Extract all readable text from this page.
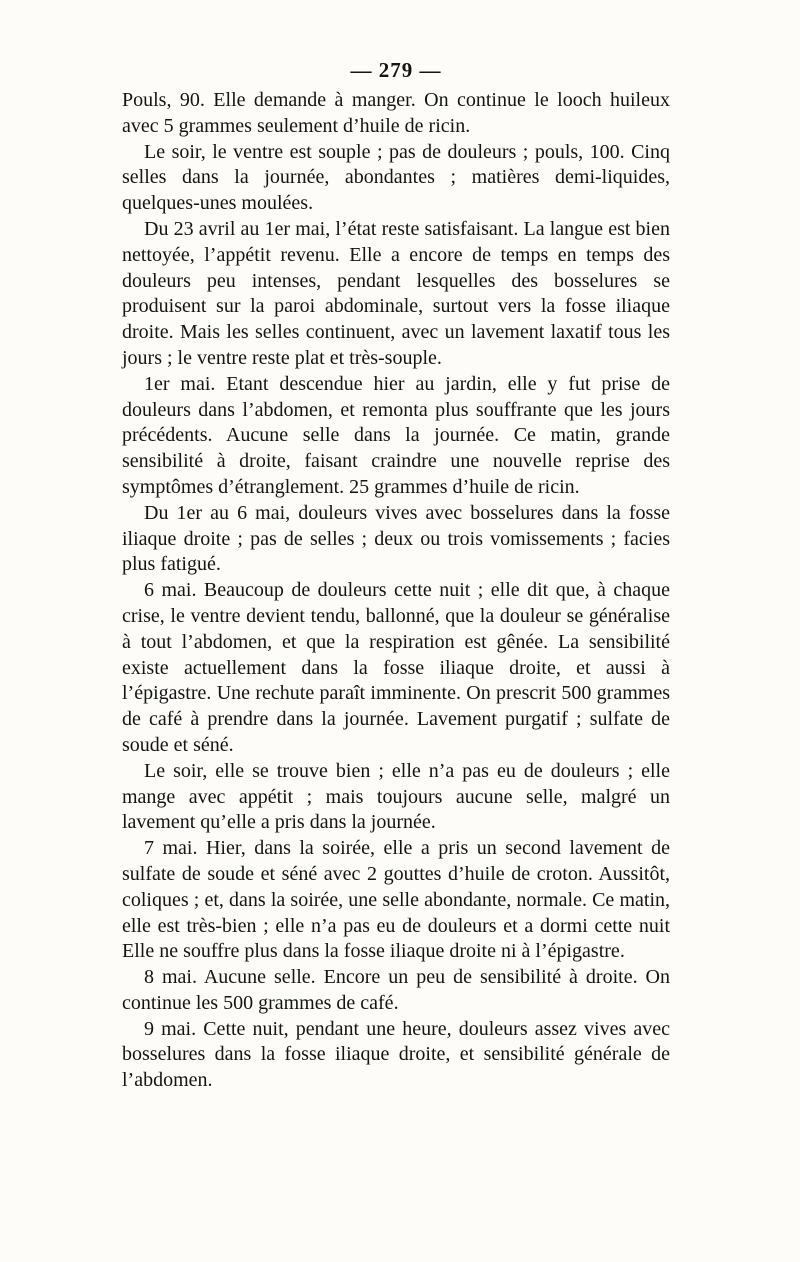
— 279 —

Pouls, 90. Elle demande à manger. On continue le looch huileux avec 5 grammes seulement d’huile de ricin.

Le soir, le ventre est souple ; pas de douleurs ; pouls, 100. Cinq selles dans la journée, abondantes ; matières demi-liquides, quelques-unes moulées.

Du 23 avril au 1er mai, l’état reste satisfaisant. La langue est bien nettoyée, l’appétit revenu. Elle a encore de temps en temps des douleurs peu intenses, pendant lesquelles des bosselures se produisent sur la paroi abdominale, surtout vers la fosse iliaque droite. Mais les selles continuent, avec un lavement laxatif tous les jours ; le ventre reste plat et très-souple.

1er mai. Etant descendue hier au jardin, elle y fut prise de douleurs dans l’abdomen, et remonta plus souffrante que les jours précédents. Aucune selle dans la journée. Ce matin, grande sensibilité à droite, faisant craindre une nouvelle reprise des symptômes d’étranglement. 25 grammes d’huile de ricin.

Du 1er au 6 mai, douleurs vives avec bosselures dans la fosse iliaque droite ; pas de selles ; deux ou trois vomissements ; facies plus fatigué.

6 mai. Beaucoup de douleurs cette nuit ; elle dit que, à chaque crise, le ventre devient tendu, ballonné, que la douleur se généralise à tout l’abdomen, et que la respiration est gênée. La sensibilité existe actuellement dans la fosse iliaque droite, et aussi à l’épigastre. Une rechute paraît imminente. On prescrit 500 grammes de café à prendre dans la journée. Lavement purgatif ; sulfate de soude et séné.

Le soir, elle se trouve bien ; elle n’a pas eu de douleurs ; elle mange avec appétit ; mais toujours aucune selle, malgré un lavement qu’elle a pris dans la journée.

7 mai. Hier, dans la soirée, elle a pris un second lavement de sulfate de soude et séné avec 2 gouttes d’huile de croton. Aussitôt, coliques ; et, dans la soirée, une selle abondante, normale. Ce matin, elle est très-bien ; elle n’a pas eu de douleurs et a dormi cette nuit Elle ne souffre plus dans la fosse iliaque droite ni à l’épigastre.

8 mai. Aucune selle. Encore un peu de sensibilité à droite. On continue les 500 grammes de café.

9 mai. Cette nuit, pendant une heure, douleurs assez vives avec bosselures dans la fosse iliaque droite, et sensibilité générale de l’abdomen.
